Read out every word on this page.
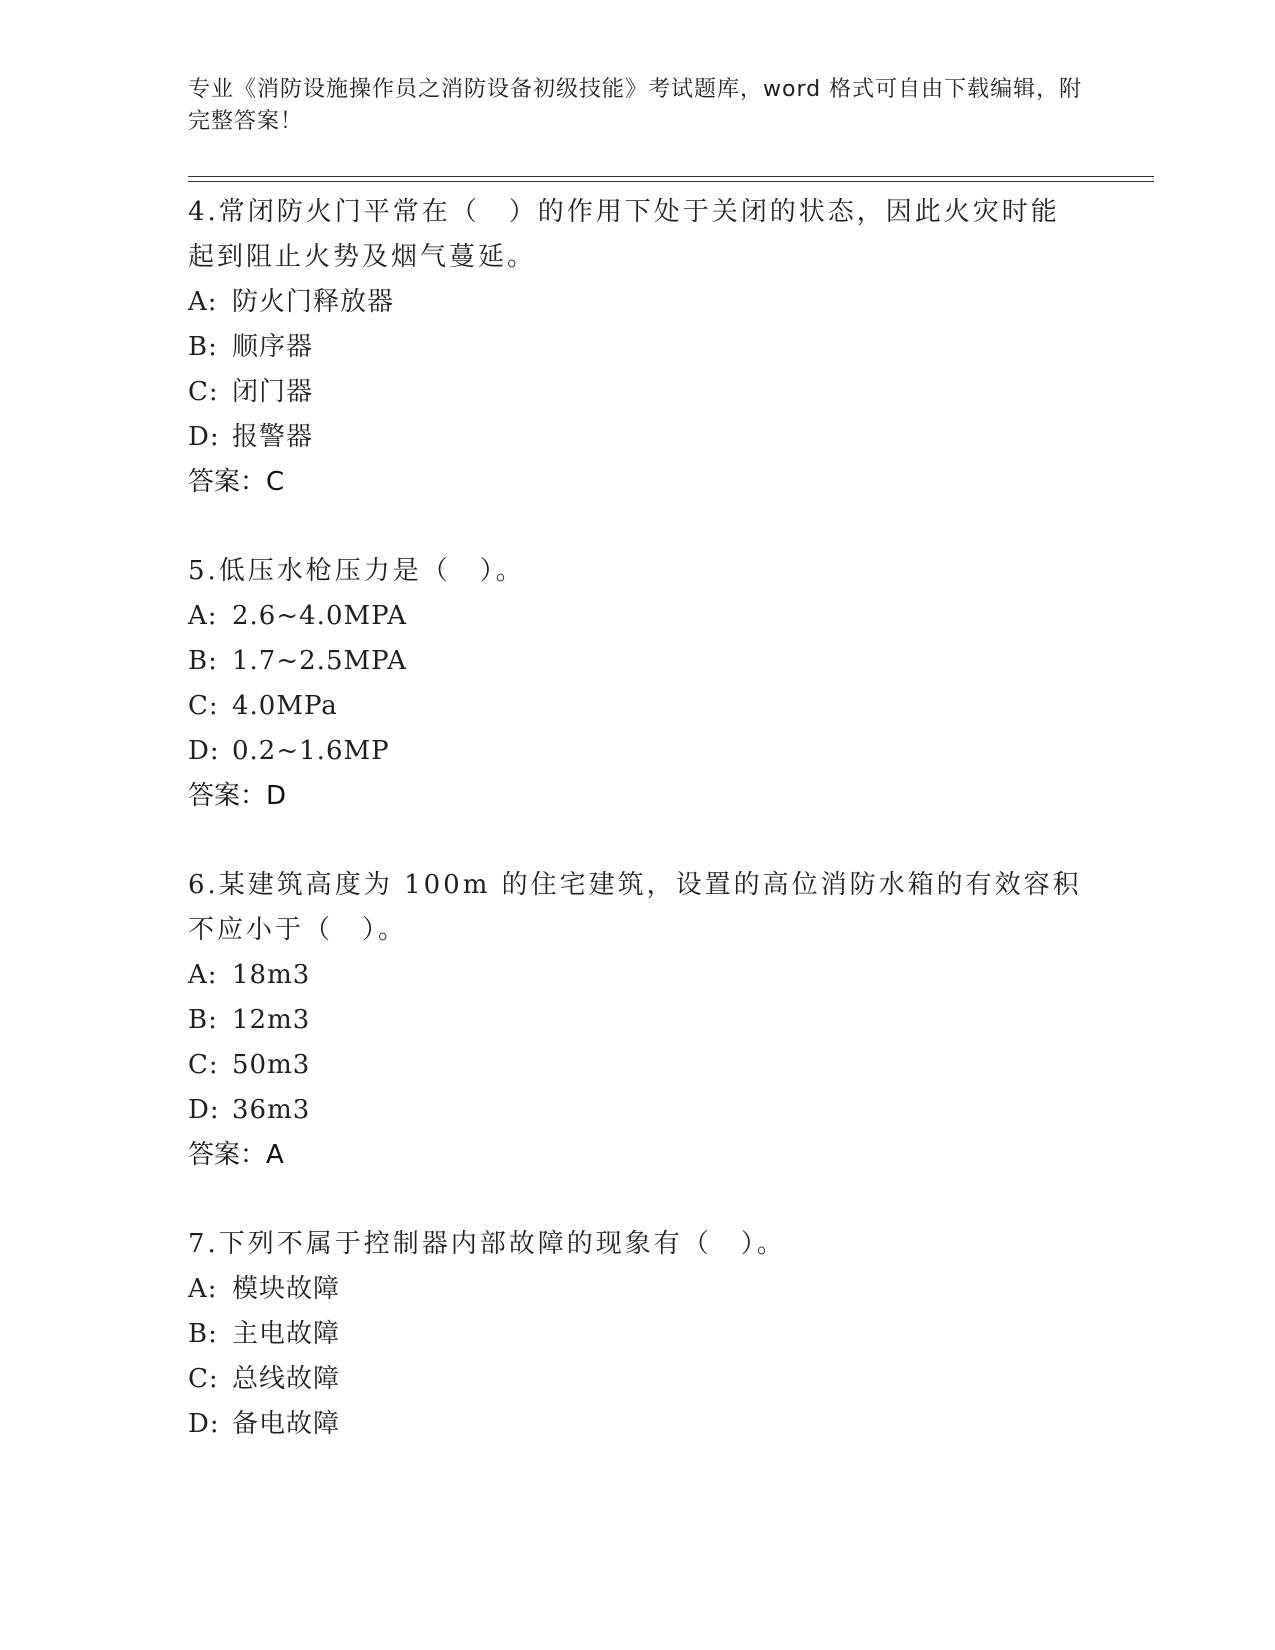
专业《消防设施操作员之消防设备初级技能》考试题库，word 格式可自由下载编辑，附完整答案！

4.常闭防火门平常在（　）的作用下处于关闭的状态，因此火灾时能起到阻止火势及烟气蔓延。

A: 防火门释放器

B: 顺序器

C: 闭门器

D: 报警器

答案：C

5.低压水枪压力是（　）。

A: 2.6~4.0MPA

B: 1.7~2.5MPA

C: 4.0MPa

D: 0.2~1.6MP

答案：D

6.某建筑高度为 100m 的住宅建筑，设置的高位消防水箱的有效容积不应小于（　）。

A: 18m3

B: 12m3

C: 50m3

D: 36m3

答案：A

7.下列不属于控制器内部故障的现象有（　）。

A: 模块故障

B: 主电故障

C: 总线故障

D: 备电故障
